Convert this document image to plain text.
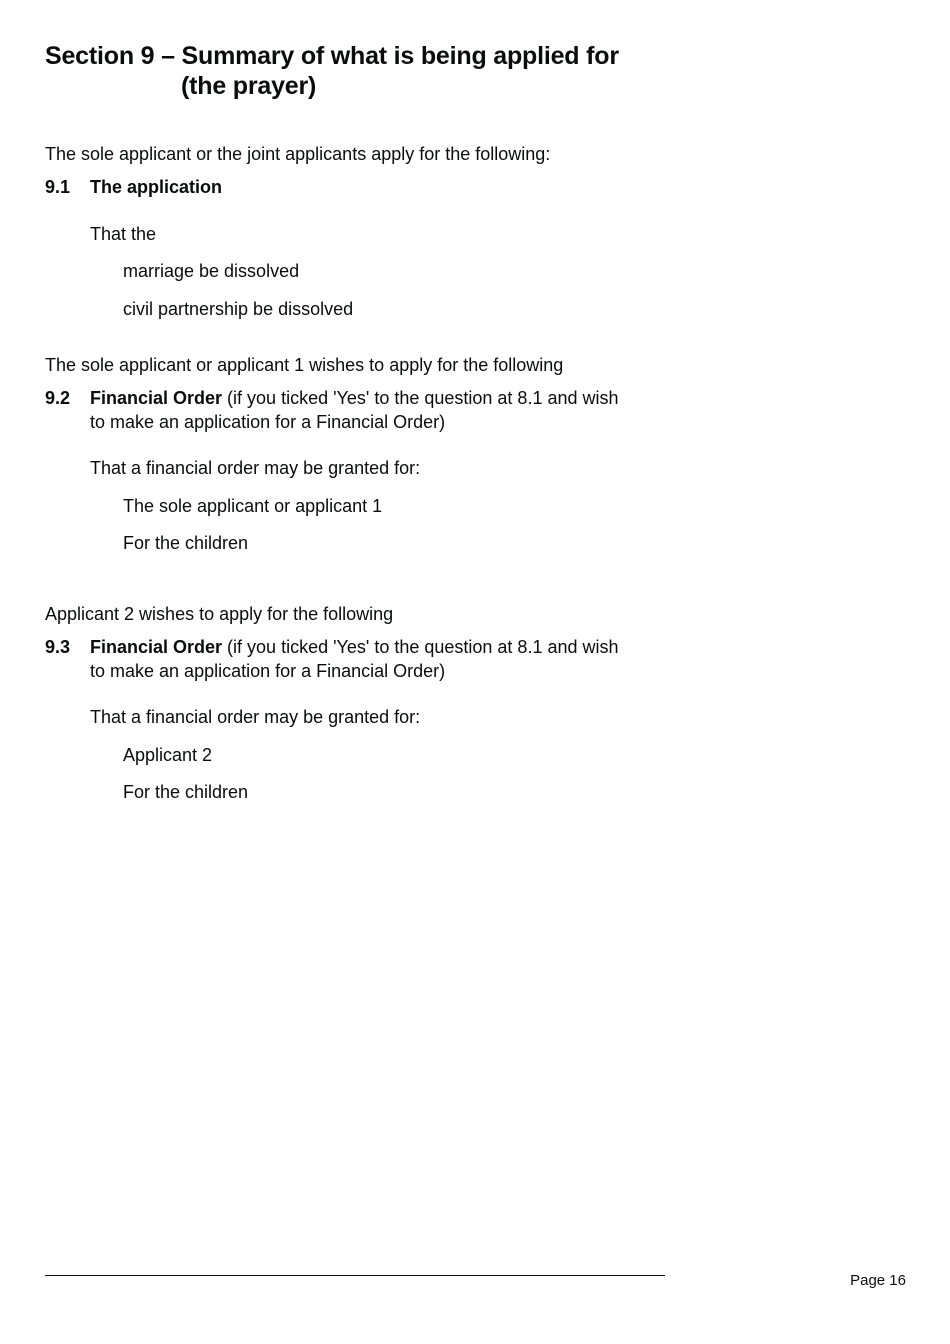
Section 9 – Summary of what is being applied for
(the prayer)
The sole applicant or the joint applicants apply for the following:
9.1 The application
That the
marriage be dissolved
civil partnership be dissolved
The sole applicant or applicant 1 wishes to apply for the following
9.2 Financial Order (if you ticked 'Yes' to the question at 8.1 and wish
to make an application for a Financial Order)
That a financial order may be granted for:
The sole applicant or applicant 1
For the children
Applicant 2 wishes to apply for the following
9.3 Financial Order (if you ticked 'Yes' to the question at 8.1 and wish
to make an application for a Financial Order)
That a financial order may be granted for:
Applicant 2
For the children
Page 16
